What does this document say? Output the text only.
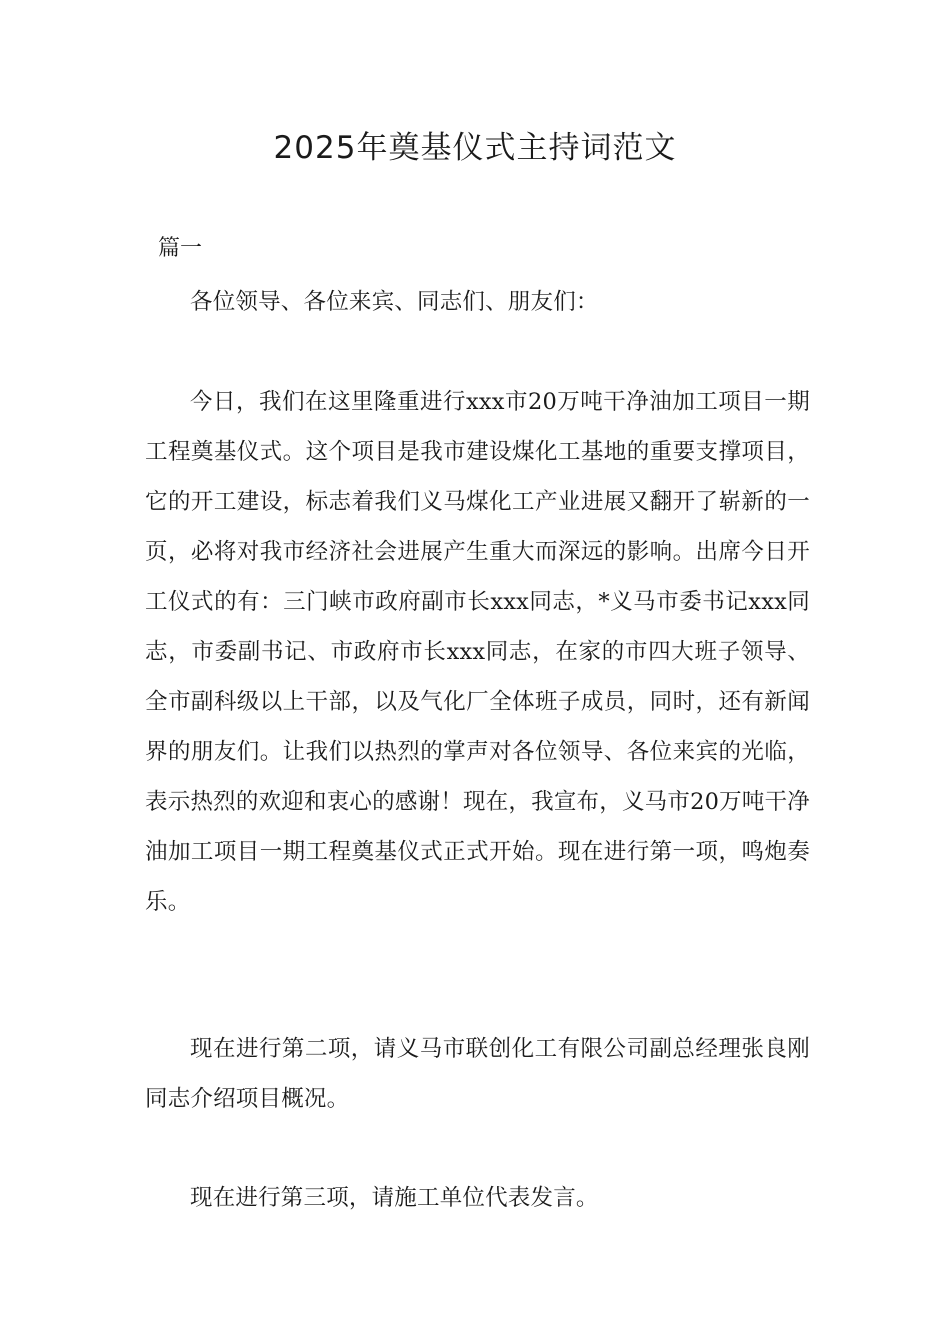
2025年奠基仪式主持词范文

篇一

各位领导、各位来宾、同志们、朋友们：

今日，我们在这里隆重进行xxx市20万吨干净油加工项目一期工程奠基仪式。这个项目是我市建设煤化工基地的重要支撑项目，它的开工建设，标志着我们义马煤化工产业进展又翻开了崭新的一页，必将对我市经济社会进展产生重大而深远的影响。出席今日开工仪式的有：三门峡市政府副市长xxx同志，*义马市委书记xxx同志，市委副书记、市政府市长xxx同志，在家的市四大班子领导、全市副科级以上干部，以及气化厂全体班子成员，同时，还有新闻界的朋友们。让我们以热烈的掌声对各位领导、各位来宾的光临，表示热烈的欢迎和衷心的感谢！现在，我宣布，义马市20万吨干净油加工项目一期工程奠基仪式正式开始。现在进行第一项，鸣炮奏乐。

现在进行第二项，请义马市联创化工有限公司副总经理张良刚同志介绍项目概况。

现在进行第三项，请施工单位代表发言。
